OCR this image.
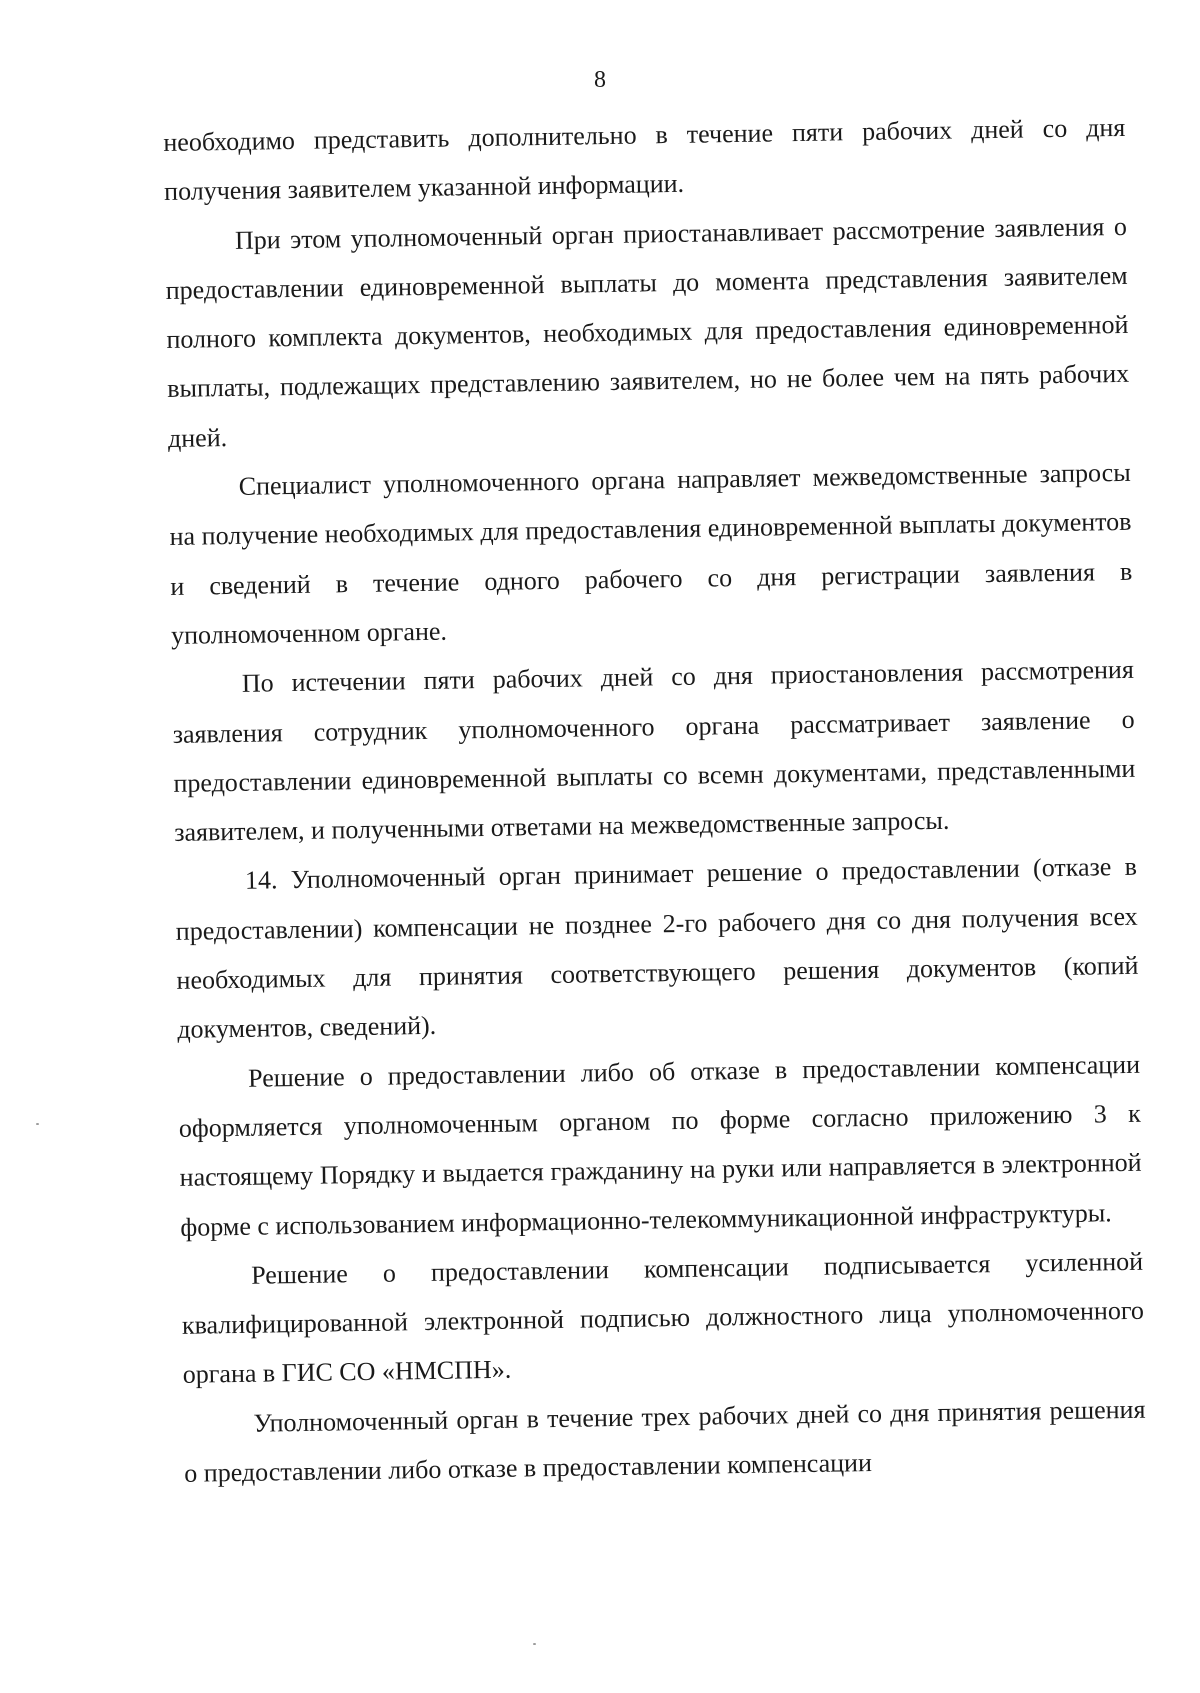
8

необходимо представить дополнительно в течение пяти рабочих дней со дня получения заявителем указанной информации.

При этом уполномоченный орган приостанавливает рассмотрение заявления о предоставлении единовременной выплаты до момента представления заявителем полного комплекта документов, необходимых для предоставления единовременной выплаты, подлежащих представлению заявителем, но не более чем на пять рабочих дней.

Специалист уполномоченного органа направляет межведомственные запросы на получение необходимых для предоставления единовременной выплаты документов и сведений в течение одного рабочего со дня регистрации заявления в уполномоченном органе.

По истечении пяти рабочих дней со дня приостановления рассмотрения заявления сотрудник уполномоченного органа рассматривает заявление о предоставлении единовременной выплаты со всемн документами, представленными заявителем, и полученными ответами на межведомственные запросы.

14. Уполномоченный орган принимает решение о предоставлении (отказе в предоставлении) компенсации не позднее 2-го рабочего дня со дня получения всех необходимых для принятия соответствующего решения документов (копий документов, сведений).

Решение о предоставлении либо об отказе в предоставлении компенсации оформляется уполномоченным органом по форме согласно приложению 3 к настоящему Порядку и выдается гражданину на руки или направляется в электронной форме с использованием информационно-телекоммуникационной инфраструктуры.

Решение о предоставлении компенсации подписывается усиленной квалифицированной электронной подписью должностного лица уполномоченного органа в ГИС СО «НМСПН».

Уполномоченный орган в течение трех рабочих дней со дня принятия решения о предоставлении либо отказе в предоставлении компенсации
